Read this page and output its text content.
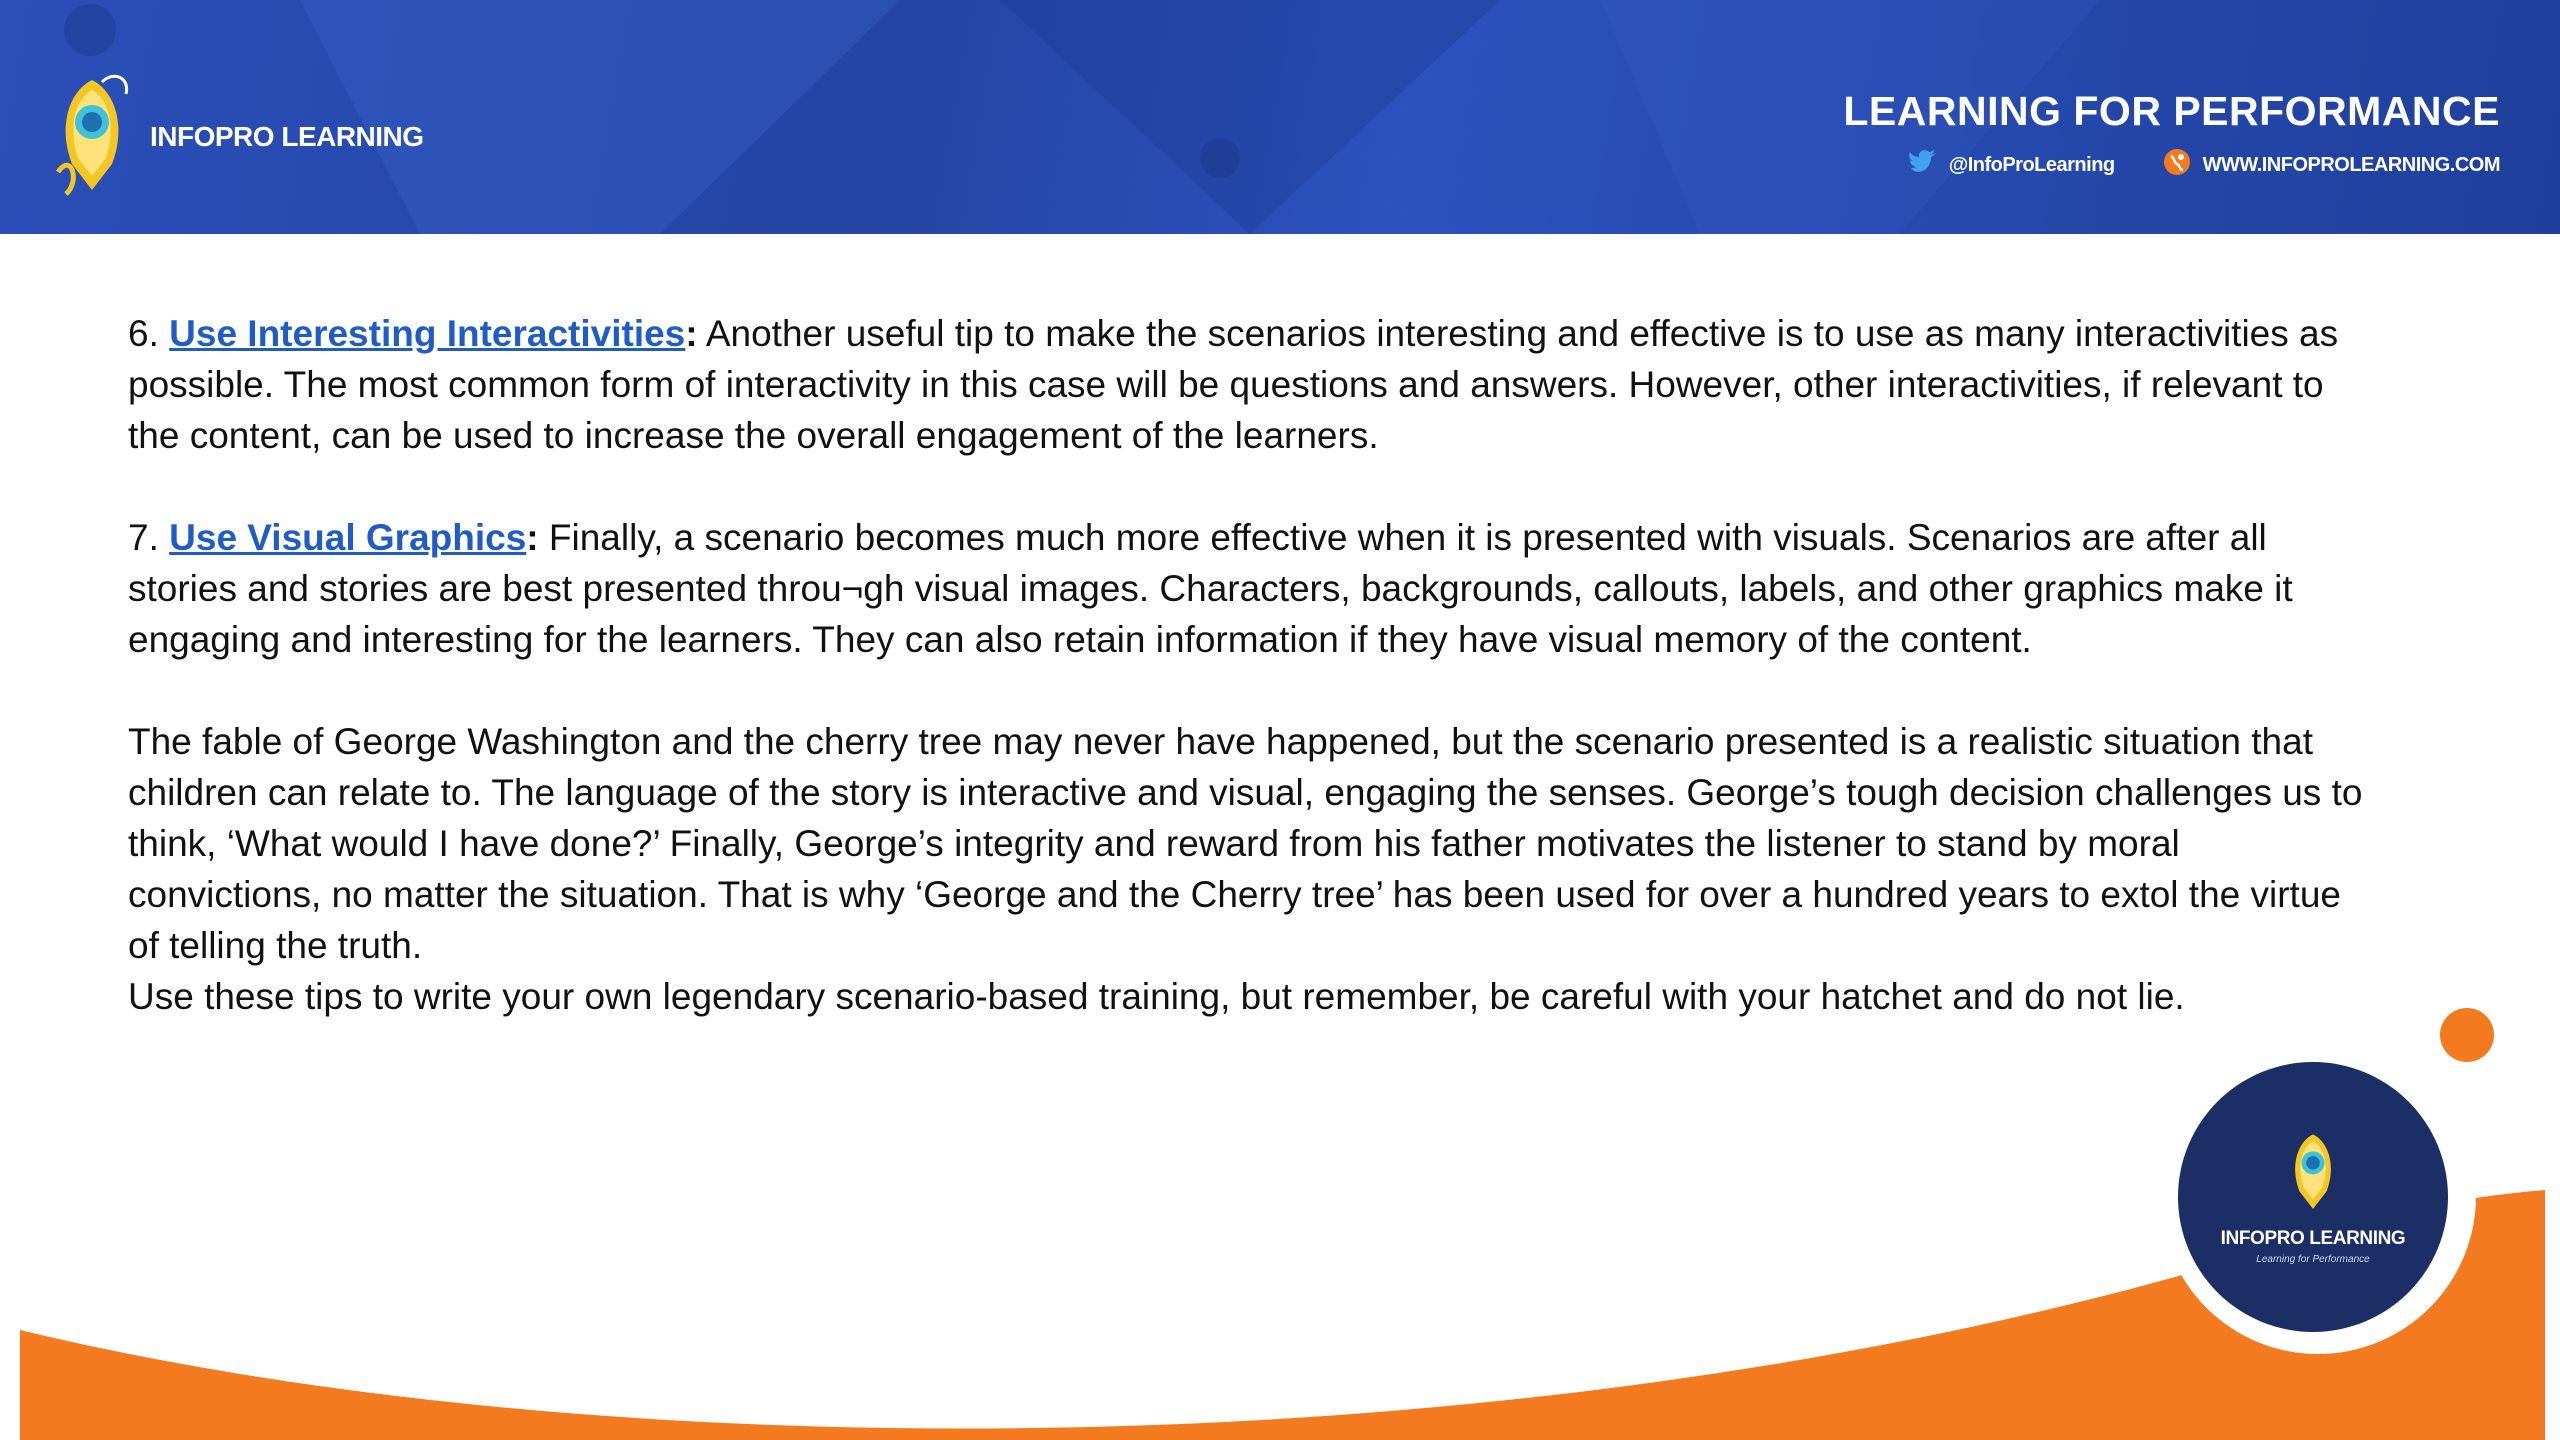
INFOPRO LEARNING
LEARNING FOR PERFORMANCE
@InfoProLearning	WWW.INFOPROLEARNING.COM

6. Use Interesting Interactivities: Another useful tip to make the scenarios interesting and effective is to use as many interactivities as possible. The most common form of interactivity in this case will be questions and answers. However, other interactivities, if relevant to the content, can be used to increase the overall engagement of the learners.

7. Use Visual Graphics: Finally, a scenario becomes much more effective when it is presented with visuals. Scenarios are after all stories and stories are best presented throu¬gh visual images. Characters, backgrounds, callouts, labels, and other graphics make it engaging and interesting for the learners. They can also retain information if they have visual memory of the content.

The fable of George Washington and the cherry tree may never have happened, but the scenario presented is a realistic situation that children can relate to. The language of the story is interactive and visual, engaging the senses. George’s tough decision challenges us to think, ‘What would I have done?’ Finally, George’s integrity and reward from his father motivates the listener to stand by moral convictions, no matter the situation. That is why ‘George and the Cherry tree’ has been used for over a hundred years to extol the virtue of telling the truth.

Use these tips to write your own legendary scenario-based training, but remember, be careful with your hatchet and do not lie.

INFOPRO LEARNING
Learning for Performance
